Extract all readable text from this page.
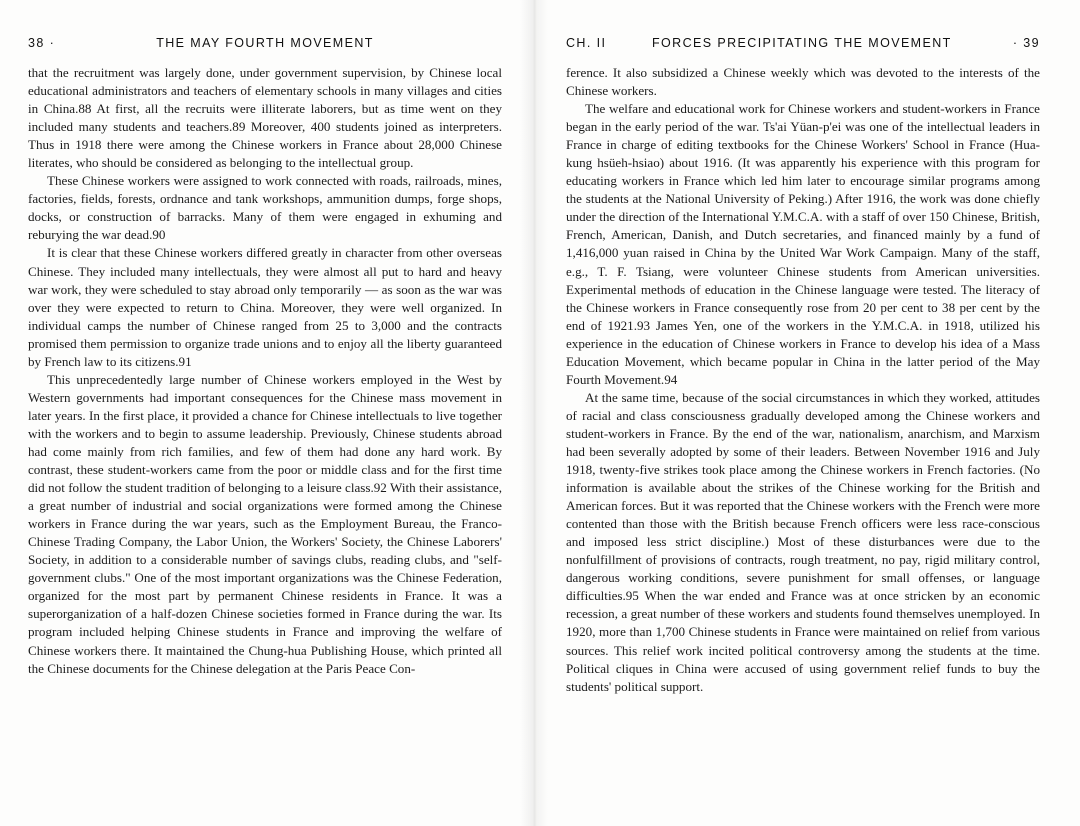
38 ·	THE MAY FOURTH MOVEMENT

that the recruitment was largely done, under government supervision, by Chinese local educational administrators and teachers of elementary schools in many villages and cities in China.88 At first, all the recruits were illiterate laborers, but as time went on they included many students and teachers.89 Moreover, 400 students joined as interpreters. Thus in 1918 there were among the Chinese workers in France about 28,000 Chinese literates, who should be considered as belonging to the intellectual group.

These Chinese workers were assigned to work connected with roads, railroads, mines, factories, fields, forests, ordnance and tank workshops, ammunition dumps, forge shops, docks, or construction of barracks. Many of them were engaged in exhuming and reburying the war dead.90

It is clear that these Chinese workers differed greatly in character from other overseas Chinese. They included many intellectuals, they were almost all put to hard and heavy war work, they were scheduled to stay abroad only temporarily — as soon as the war was over they were expected to return to China. Moreover, they were well organized. In individual camps the number of Chinese ranged from 25 to 3,000 and the contracts promised them permission to organize trade unions and to enjoy all the liberty guaranteed by French law to its citizens.91

This unprecedentedly large number of Chinese workers employed in the West by Western governments had important consequences for the Chinese mass movement in later years. In the first place, it provided a chance for Chinese intellectuals to live together with the workers and to begin to assume leadership. Previously, Chinese students abroad had come mainly from rich families, and few of them had done any hard work. By contrast, these student-workers came from the poor or middle class and for the first time did not follow the student tradition of belonging to a leisure class.92 With their assistance, a great number of industrial and social organizations were formed among the Chinese workers in France during the war years, such as the Employment Bureau, the Franco-Chinese Trading Company, the Labor Union, the Workers' Society, the Chinese Laborers' Society, in addition to a considerable number of savings clubs, reading clubs, and "self-government clubs." One of the most important organizations was the Chinese Federation, organized for the most part by permanent Chinese residents in France. It was a superorganization of a half-dozen Chinese societies formed in France during the war. Its program included helping Chinese students in France and improving the welfare of Chinese workers there. It maintained the Chung-hua Publishing House, which printed all the Chinese documents for the Chinese delegation at the Paris Peace Con-

CH. II	FORCES PRECIPITATING THE MOVEMENT	· 39

ference. It also subsidized a Chinese weekly which was devoted to the interests of the Chinese workers.

The welfare and educational work for Chinese workers and student-workers in France began in the early period of the war. Ts'ai Yüan-p'ei was one of the intellectual leaders in France in charge of editing textbooks for the Chinese Workers' School in France (Hua-kung hsüeh-hsiao) about 1916. (It was apparently his experience with this program for educating workers in France which led him later to encourage similar programs among the students at the National University of Peking.) After 1916, the work was done chiefly under the direction of the International Y.M.C.A. with a staff of over 150 Chinese, British, French, American, Danish, and Dutch secretaries, and financed mainly by a fund of 1,416,000 yuan raised in China by the United War Work Campaign. Many of the staff, e.g., T. F. Tsiang, were volunteer Chinese students from American universities. Experimental methods of education in the Chinese language were tested. The literacy of the Chinese workers in France consequently rose from 20 per cent to 38 per cent by the end of 1921.93 James Yen, one of the workers in the Y.M.C.A. in 1918, utilized his experience in the education of Chinese workers in France to develop his idea of a Mass Education Movement, which became popular in China in the latter period of the May Fourth Movement.94

At the same time, because of the social circumstances in which they worked, attitudes of racial and class consciousness gradually developed among the Chinese workers and student-workers in France. By the end of the war, nationalism, anarchism, and Marxism had been severally adopted by some of their leaders. Between November 1916 and July 1918, twenty-five strikes took place among the Chinese workers in French factories. (No information is available about the strikes of the Chinese working for the British and American forces. But it was reported that the Chinese workers with the French were more contented than those with the British because French officers were less race-conscious and imposed less strict discipline.) Most of these disturbances were due to the nonfulfillment of provisions of contracts, rough treatment, no pay, rigid military control, dangerous working conditions, severe punishment for small offenses, or language difficulties.95 When the war ended and France was at once stricken by an economic recession, a great number of these workers and students found themselves unemployed. In 1920, more than 1,700 Chinese students in France were maintained on relief from various sources. This relief work incited political controversy among the students at the time. Political cliques in China were accused of using government relief funds to buy the students' political support.
